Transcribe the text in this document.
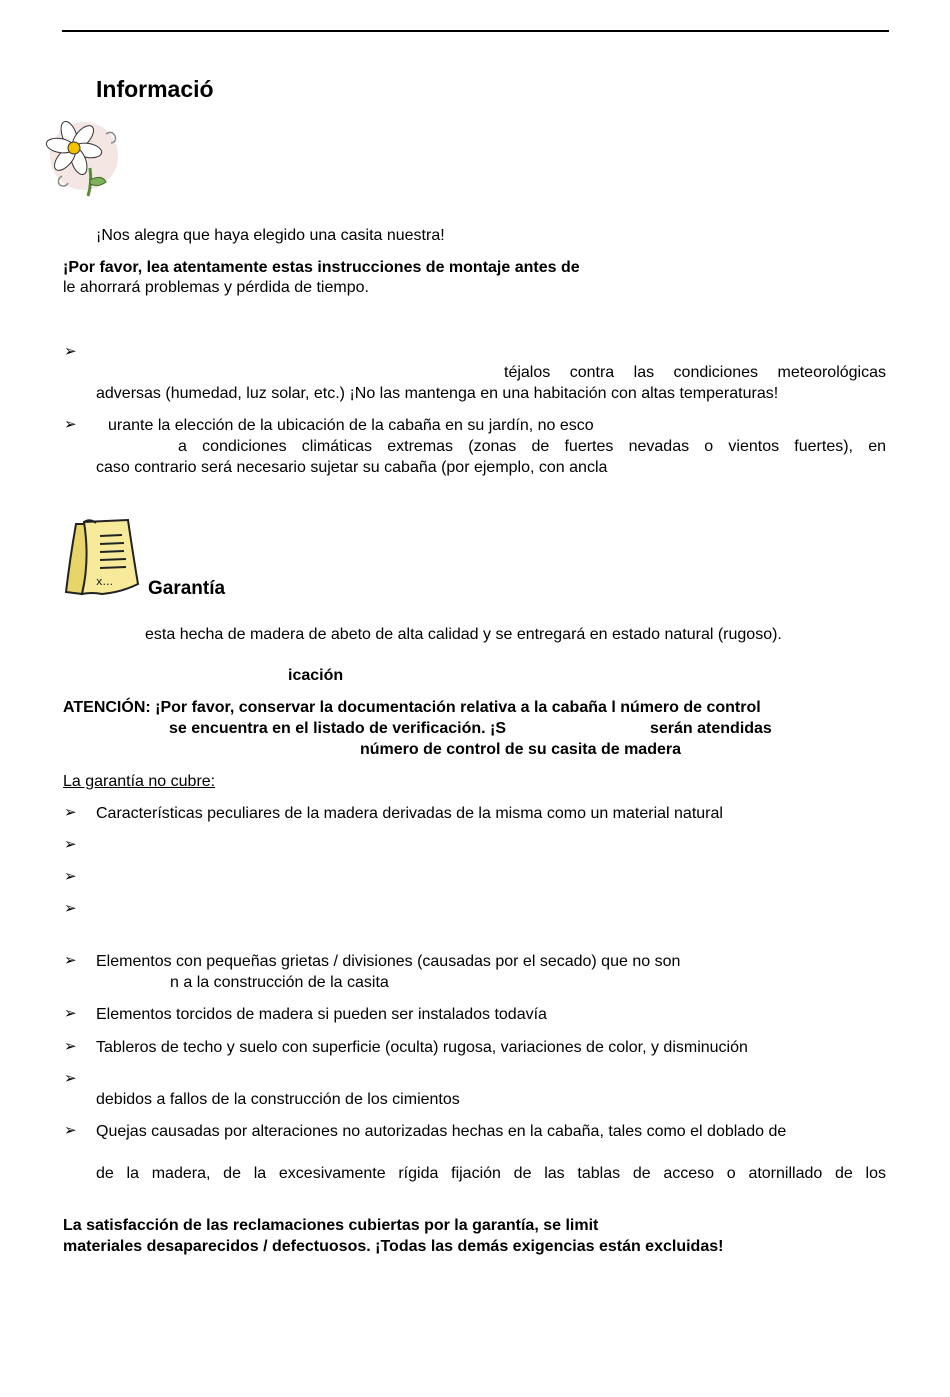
Informació
¡Nos alegra que haya elegido una casita nuestra!
¡Por favor, lea atentamente estas instrucciones de montaje antes de
le ahorrará problemas y pérdida de tiempo.
➢
téjalos contra las condiciones meteorológicas
adversas (humedad, luz solar, etc.) ¡No las mantenga en una habitación con altas temperaturas!
➢ urante la elección de la ubicación de la cabaña en su jardín, no esco
a condiciones climáticas extremas (zonas de fuertes nevadas o vientos fuertes), en
caso contrario será necesario sujetar su cabaña (por ejemplo, con ancla
x... Garantía
esta hecha de madera de abeto de alta calidad y se entregará en estado natural (rugoso).
icación
ATENCIÓN: ¡Por favor, conservar la documentación relativa a la cabaña l número de control
se encuentra en el listado de verificación. ¡S	serán atendidas
número de control de su casita de madera
La garantía no cubre:
➢ Características peculiares de la madera derivadas de la misma como un material natural
➢
➢
➢
➢ Elementos con pequeñas grietas / divisiones (causadas por el secado) que no son
n a la construcción de la casita
➢ Elementos torcidos de madera si pueden ser instalados todavía
➢ Tableros de techo y suelo con superficie (oculta) rugosa, variaciones de color, y disminución
➢
debidos a fallos de la construcción de los cimientos
➢ Quejas causadas por alteraciones no autorizadas hechas en la cabaña, tales como el doblado de
de la madera, de la excesivamente rígida fijación de las tablas de acceso o atornillado de los
La satisfacción de las reclamaciones cubiertas por la garantía, se limit
materiales desaparecidos / defectuosos. ¡Todas las demás exigencias están excluidas!
